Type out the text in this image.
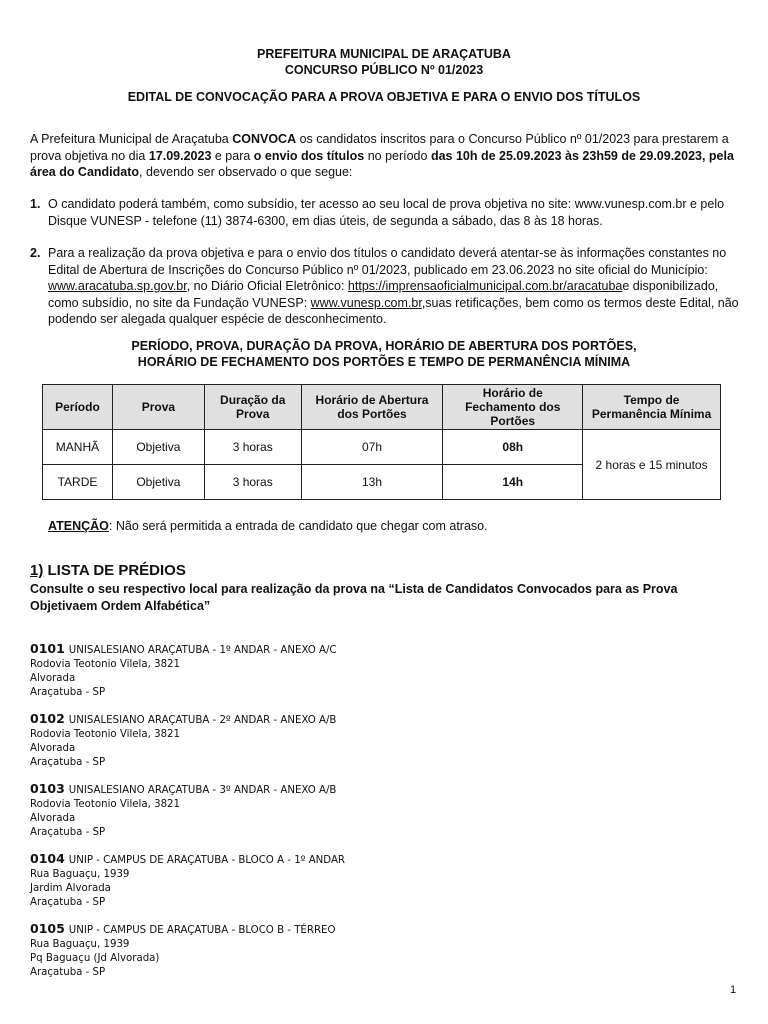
PREFEITURA MUNICIPAL DE ARAÇATUBA
CONCURSO PÚBLICO Nº 01/2023
EDITAL DE CONVOCAÇÃO PARA A PROVA OBJETIVA E PARA O ENVIO DOS TÍTULOS
A Prefeitura Municipal de Araçatuba CONVOCA os candidatos inscritos para o Concurso Público nº 01/2023 para prestarem a prova objetiva no dia 17.09.2023 e para o envio dos títulos no período das 10h de 25.09.2023 às 23h59 de 29.09.2023, pela área do Candidato, devendo ser observado o que segue:
1. O candidato poderá também, como subsídio, ter acesso ao seu local de prova objetiva no site: www.vunesp.com.br e pelo Disque VUNESP - telefone (11) 3874-6300, em dias úteis, de segunda a sábado, das 8 às 18 horas.
2. Para a realização da prova objetiva e para o envio dos títulos o candidato deverá atentar-se às informações constantes no Edital de Abertura de Inscrições do Concurso Público nº 01/2023, publicado em 23.06.2023 no site oficial do Município: www.aracatuba.sp.gov.br, no Diário Oficial Eletrônico: https://imprensaoficialmunicipal.com.br/aracatubae disponibilizado, como subsídio, no site da Fundação VUNESP: www.vunesp.com.br,suas retificações, bem como os termos deste Edital, não podendo ser alegada qualquer espécie de desconhecimento.
PERÍODO, PROVA, DURAÇÃO DA PROVA, HORÁRIO DE ABERTURA DOS PORTÕES,
HORÁRIO DE FECHAMENTO DOS PORTÕES E TEMPO DE PERMANÊNCIA MÍNIMA
Período	Prova	Duração da Prova	Horário de Abertura dos Portões	Horário de Fechamento dos Portões	Tempo de Permanência Mínima
MANHÃ	Objetiva	3 horas	07h	08h	2 horas e 15 minutos
TARDE	Objetiva	3 horas	13h	14h	
ATENÇÃO: Não será permitida a entrada de candidato que chegar com atraso.
1) LISTA DE PRÉDIOS
Consulte o seu respectivo local para realização da prova na “Lista de Candidatos Convocados para as Prova Objetivaem Ordem Alfabética”
0101 UNISALESIANO ARAÇATUBA - 1º ANDAR - ANEXO A/C
Rodovia Teotonio Vilela, 3821
Alvorada
Araçatuba - SP
0102 UNISALESIANO ARAÇATUBA - 2º ANDAR - ANEXO A/B
Rodovia Teotonio Vilela, 3821
Alvorada
Araçatuba - SP
0103 UNISALESIANO ARAÇATUBA - 3º ANDAR - ANEXO A/B
Rodovia Teotonio Vilela, 3821
Alvorada
Araçatuba - SP
0104 UNIP - CAMPUS DE ARAÇATUBA - BLOCO A - 1º ANDAR
Rua Baguaçu, 1939
Jardim Alvorada
Araçatuba - SP
0105 UNIP - CAMPUS DE ARAÇATUBA - BLOCO B - TÉRREO
Rua Baguaçu, 1939
Pq Baguaçu (Jd Alvorada)
Araçatuba - SP
1
